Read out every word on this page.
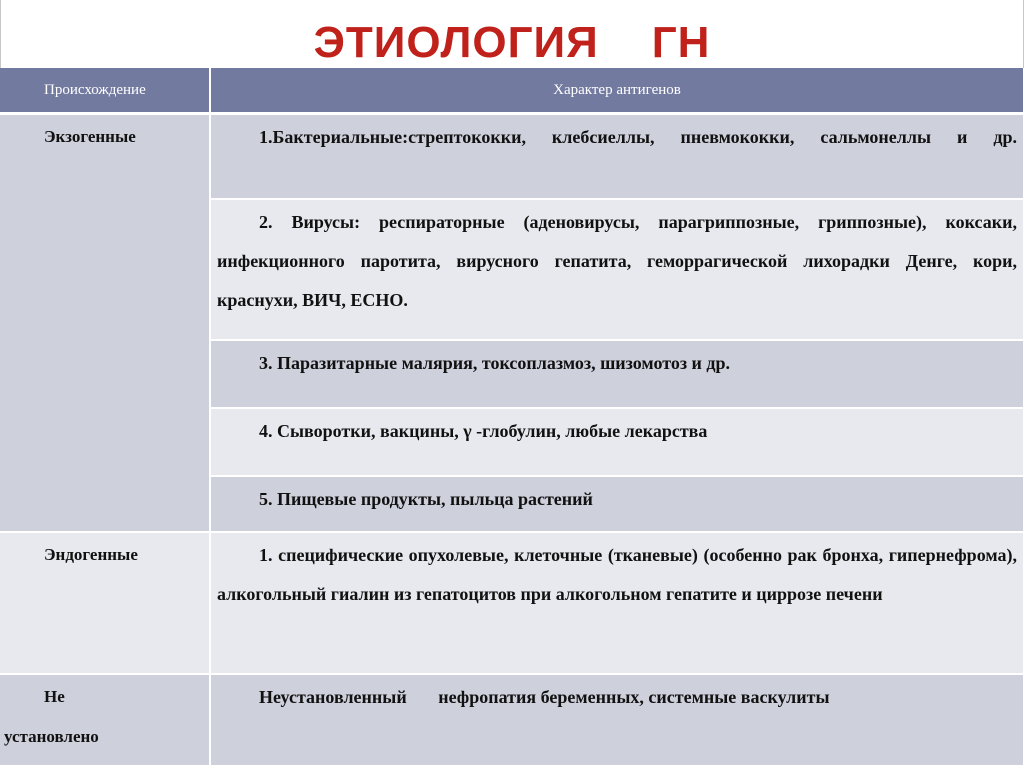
ЭТИОЛОГИЯ    ГН
Происхождение	Характер антигенов
Экзогенные	1.Бактериальные:стрептококки, клебсиеллы, пневмококки, сальмонеллы и др.

	2. Вирусы: респираторные (аденовирусы, парагриппозные, гриппозные), коксаки, инфекционного паротита, вирусного гепатита, геморрагической лихорадки Денге, кори, краснухи, ВИЧ, ЕСНО.

	3. Паразитарные малярия, токсоплазмоз, шизомотоз и др.

	4. Сыворотки, вакцины, γ -глобулин, любые лекарства

	5. Пищевые продукты, пыльца растений

Эндогенные	1. специфические опухолевые, клеточные (тканевые) (особенно рак бронха, гипернефрома), алкогольный гиалин из гепатоцитов при алкогольном гепатите и циррозе печени

Не
установлено	Неустановленный       нефропатия беременных, системные васкулиты
